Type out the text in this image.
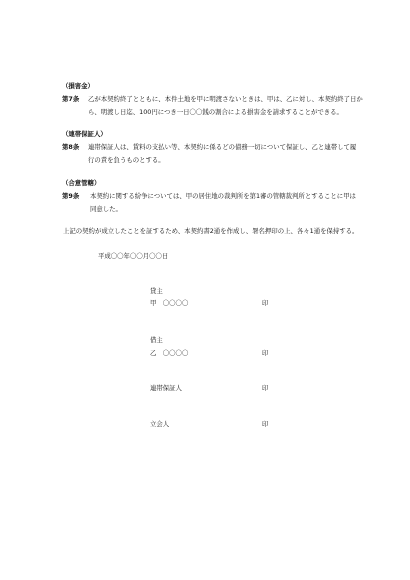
（損害金）
第7条 乙が本契約終了とともに、本件土地を甲に明渡さないときは、甲は、乙に対し、本契約終了日か
ら、明渡し日迄、100円につき一日〇〇銭の割合による損害金を請求することができる。
（連帯保証人）
第8条 連帯保証人は、賃料の支払い等、本契約に係るどの債務一切について保証し、乙と連帯して履
行の責を負うものとする。
（合意管轄）
第9条 本契約に関する紛争については、甲の居住地の裁判所を第1審の管轄裁判所とすることに甲は
同意した。
上記の契約が成立したことを証するため、本契約書2通を作成し、署名押印の上、各々1通を保持する。
平成〇〇年〇〇月〇〇日
貸主
甲　〇〇〇〇	印
借主
乙　〇〇〇〇	印
連帯保証人	印
立会人	印
